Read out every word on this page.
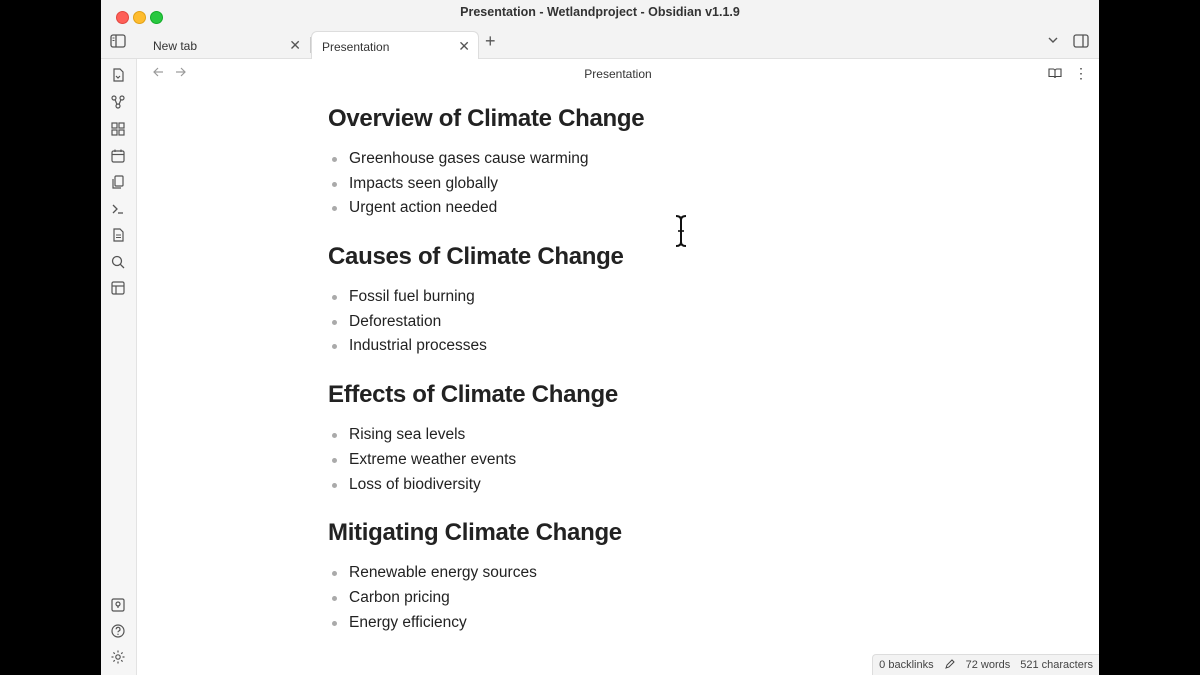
Presentation - Wetlandproject - Obsidian v1.1.9
New tab	✕ Presentation	✕ +
Presentation	⋮
Overview of Climate Change
Greenhouse gases cause warming
Impacts seen globally
Urgent action needed
Causes of Climate Change
Fossil fuel burning
Deforestation
Industrial processes
Effects of Climate Change
Rising sea levels
Extreme weather events
Loss of biodiversity
Mitigating Climate Change
Renewable energy sources
Carbon pricing
Energy efficiency
0 backlinks	72 words 521 characters
